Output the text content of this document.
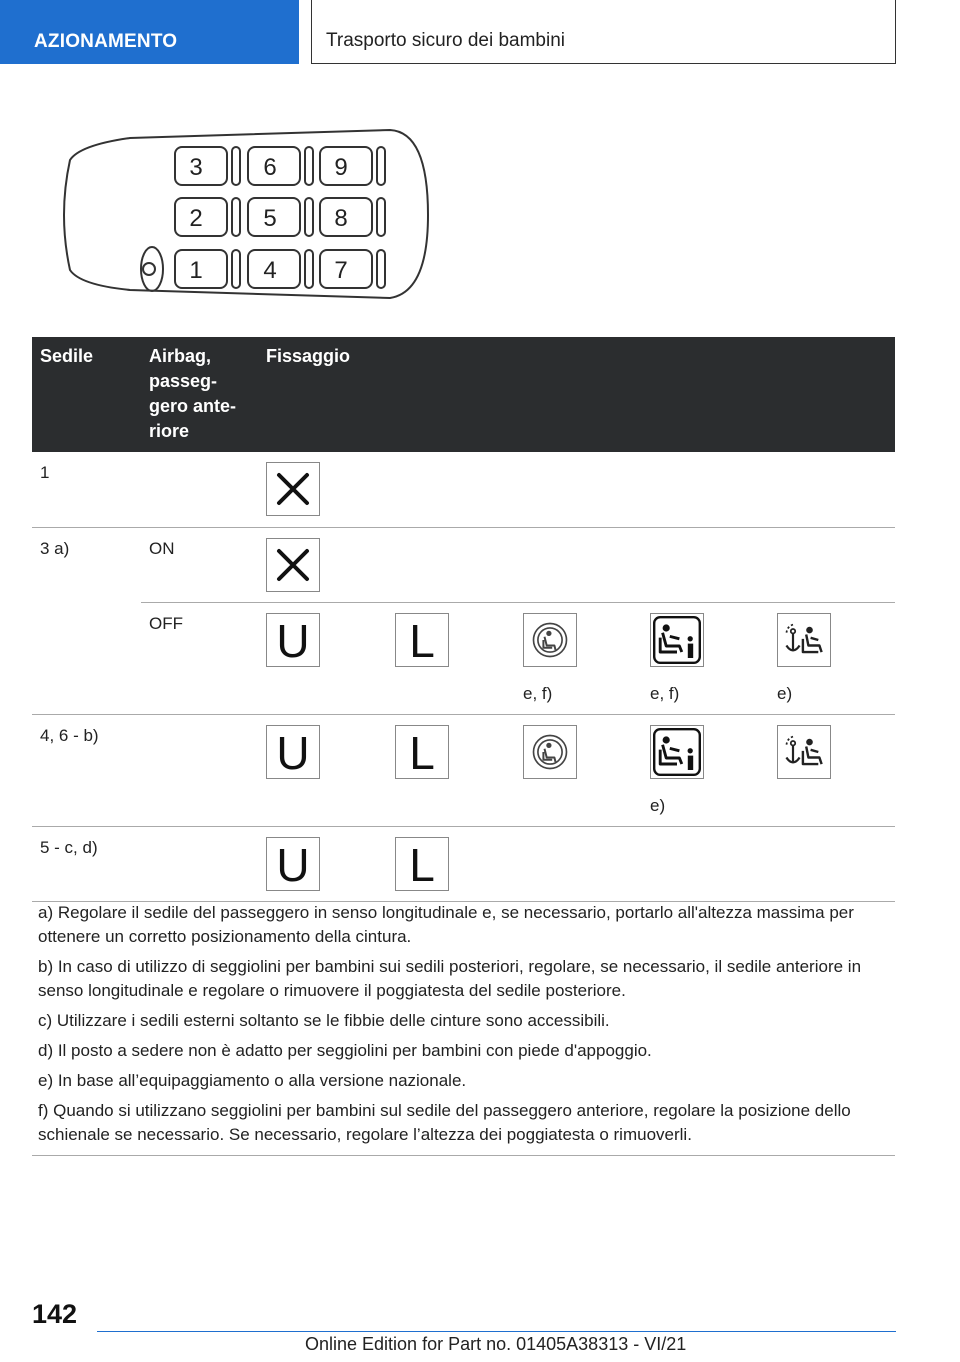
AZIONAMENTO	Trasporto sicuro dei bambini
3	6 9
2	5 8
1	4 7
Sedile	Airbag, passeggero anteriore	Fissaggio				
1		

3 a)	ON	

	OFF	U	L	e, f)	e, f)	e)

4, 6 - b)		U	L		e)

5 - c, d)		U	L			

a) Regolare il sedile del passeggero in senso longitudinale e, se necessario, portarlo all'altezza massima per ottenere un corretto posizionamento della cintura.

b) In caso di utilizzo di seggiolini per bambini sui sedili posteriori, regolare, se necessario, il sedile anteriore in senso longitudinale e regolare o rimuovere il poggiatesta del sedile posteriore.

c) Utilizzare i sedili esterni soltanto se le fibbie delle cinture sono accessibili.

d) Il posto a sedere non è adatto per seggiolini per bambini con piede d'appoggio.

e) In base all’equipaggiamento o alla versione nazionale.

f) Quando si utilizzano seggiolini per bambini sul sedile del passeggero anteriore, regolare la posizione dello schienale se necessario. Se necessario, regolare l’altezza dei poggiatesta o rimuoverli.

142
Online Edition for Part no. 01405A38313 - VI/21
